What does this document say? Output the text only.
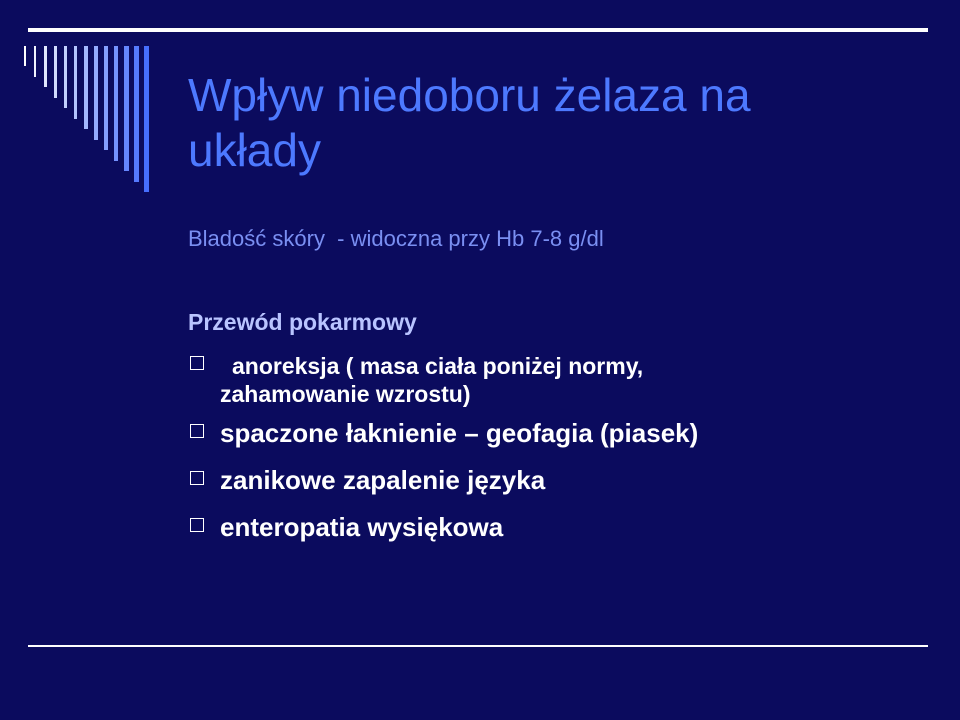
Wpływ niedoboru żelaza na układy
Bladość skóry  - widoczna przy Hb 7-8 g/dl
Przewód pokarmowy
anoreksja ( masa ciała poniżej normy,
zahamowanie wzrostu)
spaczone łaknienie – geofagia (piasek)
zanikowe zapalenie języka
enteropatia wysiękowa
